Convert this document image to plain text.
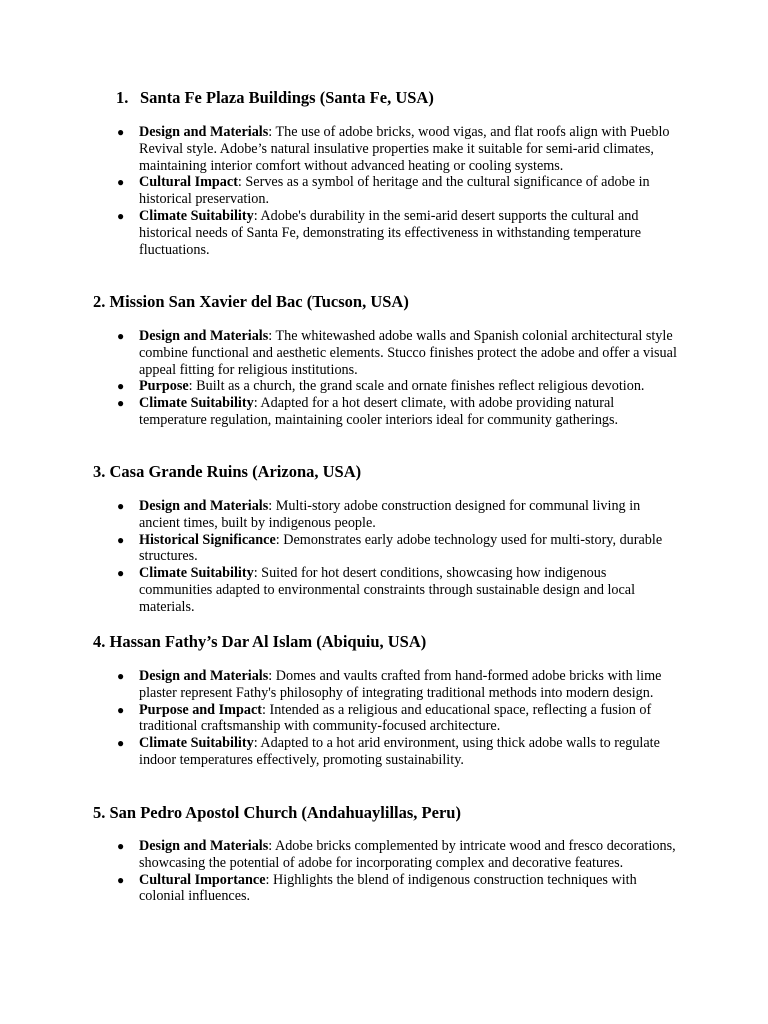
1. Santa Fe Plaza Buildings (Santa Fe, USA)
● Design and Materials: The use of adobe bricks, wood vigas, and flat roofs align with Pueblo Revival style. Adobe’s natural insulative properties make it suitable for semi-arid climates, maintaining interior comfort without advanced heating or cooling systems.
● Cultural Impact: Serves as a symbol of heritage and the cultural significance of adobe in historical preservation.
● Climate Suitability: Adobe's durability in the semi-arid desert supports the cultural and historical needs of Santa Fe, demonstrating its effectiveness in withstanding temperature fluctuations.
2. Mission San Xavier del Bac (Tucson, USA)
● Design and Materials: The whitewashed adobe walls and Spanish colonial architectural style combine functional and aesthetic elements. Stucco finishes protect the adobe and offer a visual appeal fitting for religious institutions.
● Purpose: Built as a church, the grand scale and ornate finishes reflect religious devotion.
● Climate Suitability: Adapted for a hot desert climate, with adobe providing natural temperature regulation, maintaining cooler interiors ideal for community gatherings.
3. Casa Grande Ruins (Arizona, USA)
● Design and Materials: Multi-story adobe construction designed for communal living in ancient times, built by indigenous people.
● Historical Significance: Demonstrates early adobe technology used for multi-story, durable structures.
● Climate Suitability: Suited for hot desert conditions, showcasing how indigenous communities adapted to environmental constraints through sustainable design and local materials.
4. Hassan Fathy’s Dar Al Islam (Abiquiu, USA)
● Design and Materials: Domes and vaults crafted from hand-formed adobe bricks with lime plaster represent Fathy's philosophy of integrating traditional methods into modern design.
● Purpose and Impact: Intended as a religious and educational space, reflecting a fusion of traditional craftsmanship with community-focused architecture.
● Climate Suitability: Adapted to a hot arid environment, using thick adobe walls to regulate indoor temperatures effectively, promoting sustainability.
5. San Pedro Apostol Church (Andahuaylillas, Peru)
● Design and Materials: Adobe bricks complemented by intricate wood and fresco decorations, showcasing the potential of adobe for incorporating complex and decorative features.
● Cultural Importance: Highlights the blend of indigenous construction techniques with colonial influences.
